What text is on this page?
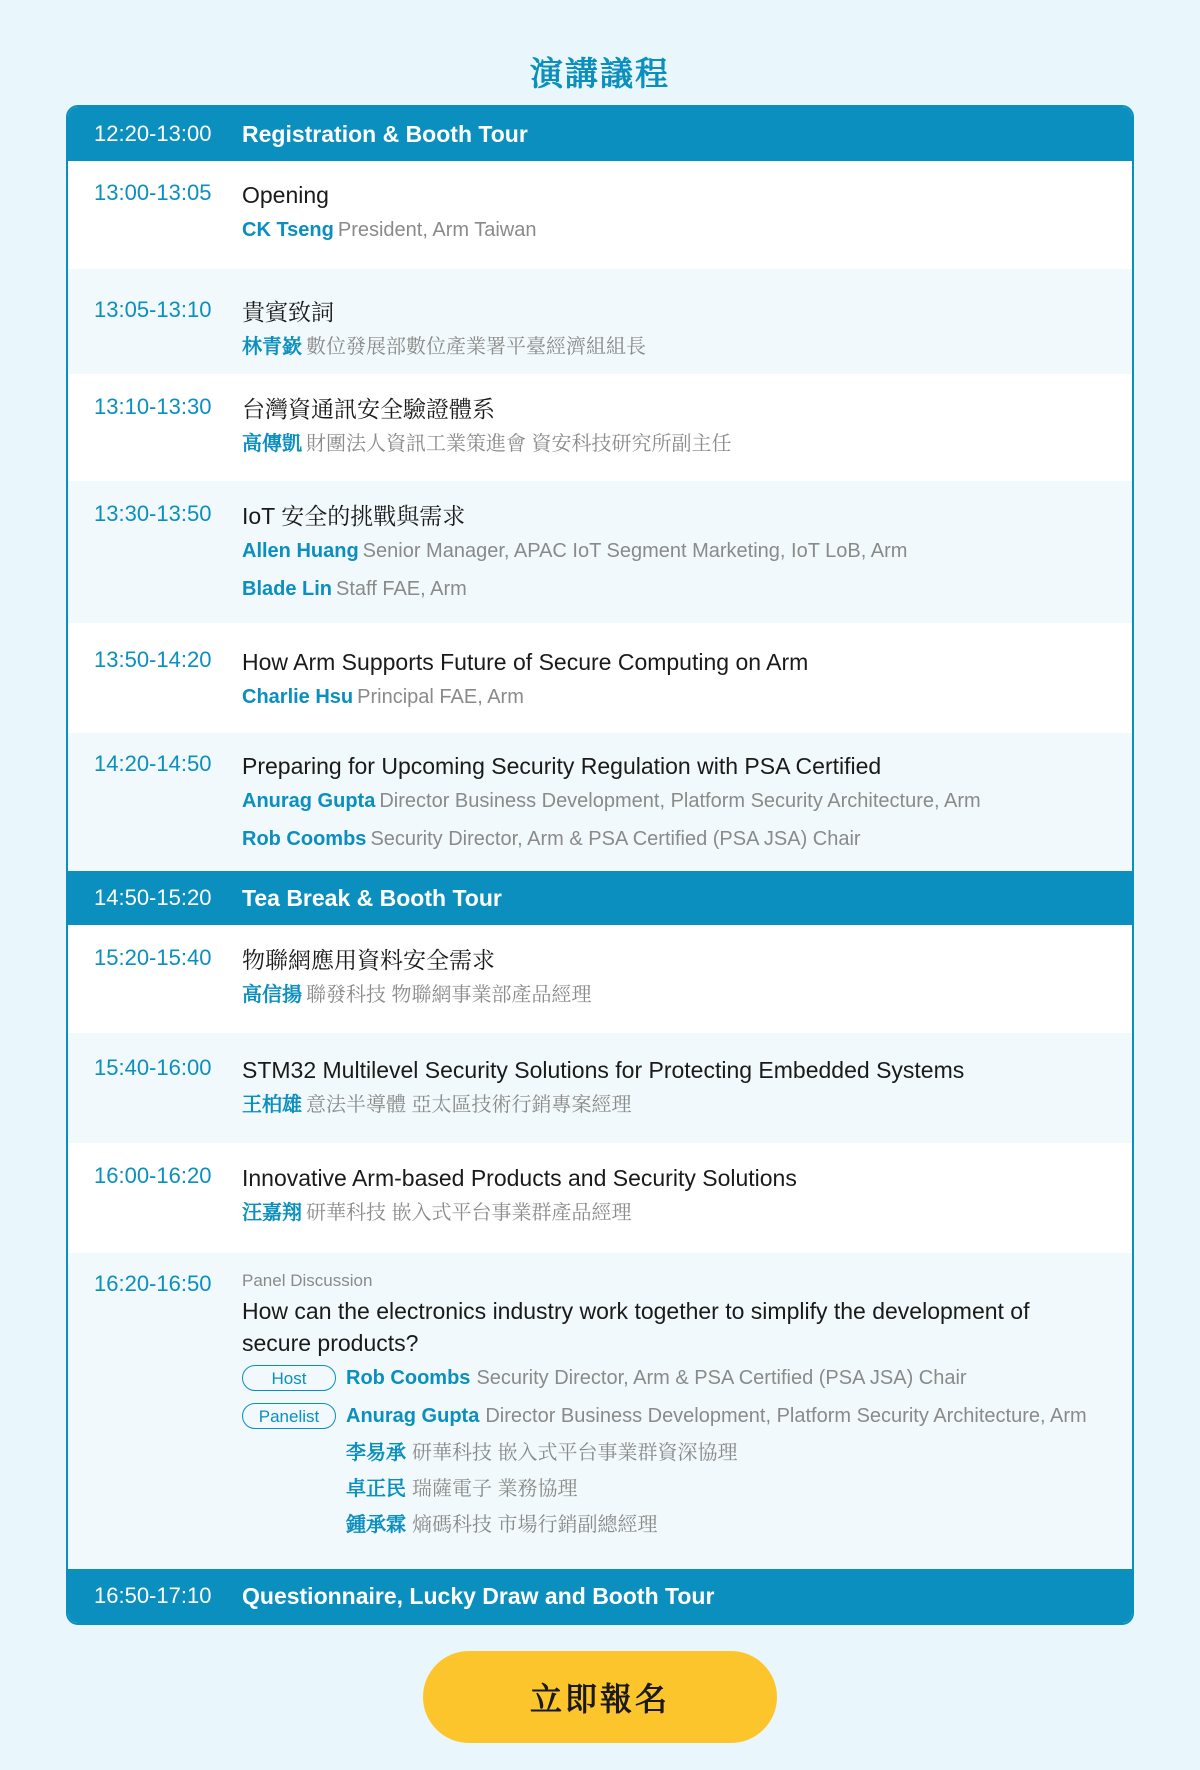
演講議程
12:20-13:00	Registration & Booth Tour
13:00-13:05	Opening
CK Tseng President, Arm Taiwan
13:05-13:10	貴賓致詞
林青嶔 數位發展部數位產業署平臺經濟組組長
13:10-13:30	台灣資通訊安全驗證體系
高傳凱 財團法人資訊工業策進會 資安科技研究所副主任
13:30-13:50	IoT 安全的挑戰與需求
Allen Huang Senior Manager, APAC IoT Segment Marketing, IoT LoB, Arm
Blade Lin Staff FAE, Arm
13:50-14:20	How Arm Supports Future of Secure Computing on Arm
Charlie Hsu Principal FAE, Arm
14:20-14:50	Preparing for Upcoming Security Regulation with PSA Certified
Anurag Gupta Director Business Development, Platform Security Architecture, Arm
Rob Coombs Security Director, Arm & PSA Certified (PSA JSA) Chair
14:50-15:20	Tea Break & Booth Tour
15:20-15:40	物聯網應用資料安全需求
高信揚 聯發科技 物聯網事業部產品經理
15:40-16:00	STM32 Multilevel Security Solutions for Protecting Embedded Systems
王柏雄 意法半導體 亞太區技術行銷專案經理
16:00-16:20	Innovative Arm-based Products and Security Solutions
汪嘉翔 研華科技 嵌入式平台事業群產品經理
16:20-16:50	Panel Discussion
How can the electronics industry work together to simplify the development of secure products?
Host	Rob Coombs Security Director, Arm & PSA Certified (PSA JSA) Chair
Panelist	Anurag Gupta Director Business Development, Platform Security Architecture, Arm
李易承 研華科技 嵌入式平台事業群資深協理
卓正民 瑞薩電子 業務協理
鍾承霖 熵碼科技 市場行銷副總經理
16:50-17:10	Questionnaire, Lucky Draw and Booth Tour
立即報名
